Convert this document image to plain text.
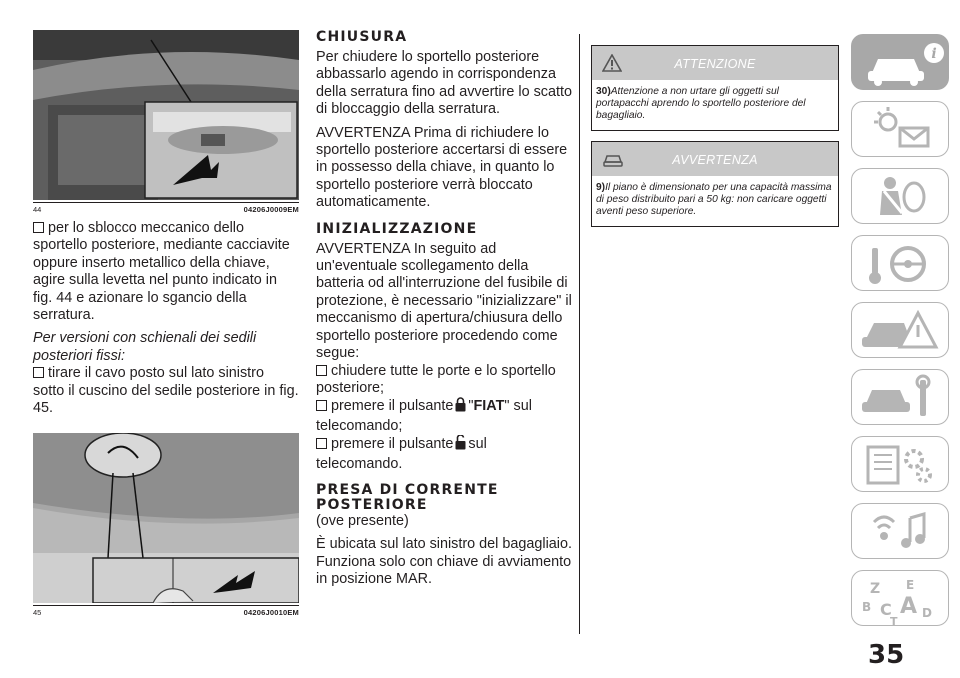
44	04206J0009EM

per lo sblocco meccanico dello sportello posteriore, mediante cacciavite oppure inserto metallico della chiave, agire sulla levetta nel punto indicato in fig. 44 e azionare lo sgancio della serratura.

Per versioni con schienali dei sedili posteriori fissi:

tirare il cavo posto sul lato sinistro sotto il cuscino del sedile posteriore in fig. 45.

45	04206J0010EM
CHIUSURA

Per chiudere lo sportello posteriore abbassarlo agendo in corrispondenza della serratura fino ad avvertire lo scatto di bloccaggio della serratura.

AVVERTENZA Prima di richiudere lo sportello posteriore accertarsi di essere in possesso della chiave, in quanto lo sportello posteriore verrà bloccato automaticamente.

INIZIALIZZAZIONE

AVVERTENZA In seguito ad un'eventuale scollegamento della batteria od all'interruzione del fusibile di protezione, è necessario "inizializzare" il meccanismo di apertura/chiusura dello sportello posteriore procedendo come segue:

chiudere tutte le porte e lo sportello posteriore;

premere il pulsante "FIAT" sul telecomando;

premere il pulsante sul telecomando.

PRESA DI CORRENTE
POSTERIORE

(ove presente)

È ubicata sul lato sinistro del bagagliaio. Funziona solo con chiave di avviamento in posizione MAR.

ATTENZIONE
30)Attenzione a non urtare gli oggetti sul portapacchi aprendo lo sportello posteriore del bagagliaio.
AVVERTENZA
9)Il piano è dimensionato per una capacità massima di peso distribuito pari a 50 kg: non caricare oggetti aventi peso superiore.
i
Z E
B C A D
T
35
